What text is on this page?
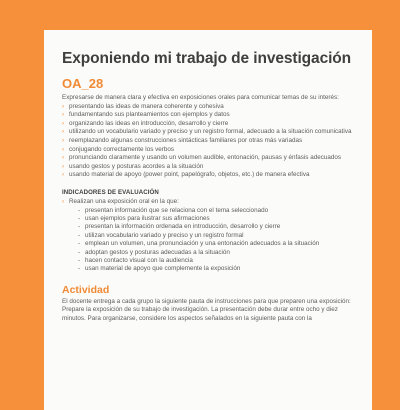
Exponiendo mi trabajo de investigación
OA_28

Expresarse de manera clara y efectiva en exposiciones orales para comunicar temas de su interés:

› presentando las ideas de manera coherente y cohesiva
› fundamentando sus planteamientos con ejemplos y datos
› organizando las ideas en introducción, desarrollo y cierre
› utilizando un vocabulario variado y preciso y un registro formal, adecuado a la situación comunicativa
› reemplazando algunas construcciones sintácticas familiares por otras más variadas
› conjugando correctamente los verbos
› pronunciando claramente y usando un volumen audible, entonación, pausas y énfasis adecuados
› usando gestos y posturas acordes a la situación
› usando material de apoyo (power point, papelógrafo, objetos, etc.) de manera efectiva
INDICADORES DE EVALUACIÓN
› Realizan una exposición oral en la que:
- presentan información que se relaciona con el tema seleccionado
- usan ejemplos para ilustrar sus afirmaciones
- presentan la información ordenada en introducción, desarrollo y cierre
- utilizan vocabulario variado y preciso y un registro formal
- emplean un volumen, una pronunciación y una entonación adecuados a la situación
- adoptan gestos y posturas adecuadas a la situación
- hacen contacto visual con la audiencia
- usan material de apoyo que complemente la exposición
Actividad

El docente entrega a cada grupo la siguiente pauta de instrucciones para que preparen una exposición:

Prepare la exposición de su trabajo de investigación. La presentación debe durar entre ocho y diez minutos. Para organizarse, considere los aspectos señalados en la siguiente pauta con la
